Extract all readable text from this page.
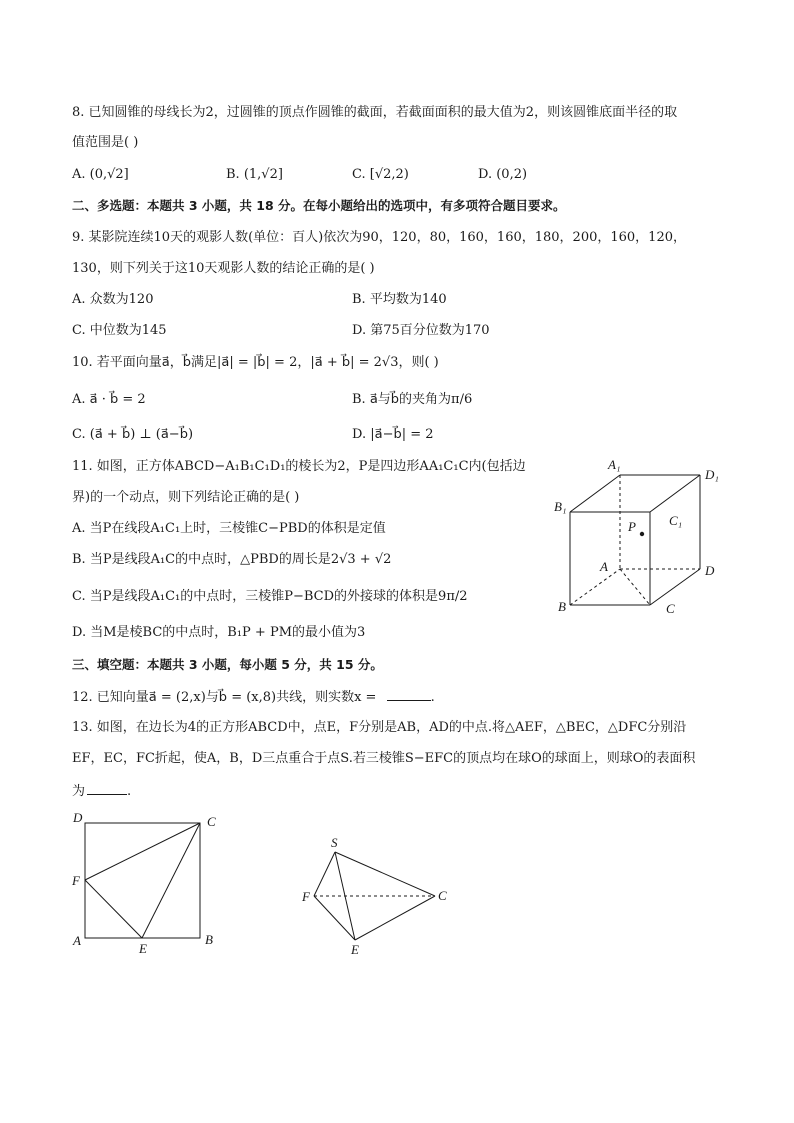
8. 已知圆锥的母线长为2，过圆锥的顶点作圆锥的截面，若截面面积的最大值为2，则该圆锥底面半径的取
值范围是( )
A. (0,√2]	B. (1,√2]	C. [√2,2)	D. (0,2)
二、多选题：本题共 3 小题，共 18 分。在每小题给出的选项中，有多项符合题目要求。
9. 某影院连续10天的观影人数(单位：百人)依次为90，120，80，160，160，180，200，160，120，
130，则下列关于这10天观影人数的结论正确的是( )
A. 众数为120	B. 平均数为140
C. 中位数为145	D. 第75百分位数为170
10. 若平面向量a⃗，b⃗满足|a⃗| = |b⃗| = 2，|a⃗ + b⃗| = 2√3，则( )
A. a⃗ · b⃗ = 2	B. a⃗与b⃗的夹角为π/6
C. (a⃗ + b⃗) ⊥ (a⃗−b⃗)	D. |a⃗−b⃗| = 2
11. 如图，正方体ABCD−A₁B₁C₁D₁的棱长为2，P是四边形AA₁C₁C内(包括边
界)的一个动点，则下列结论正确的是( )
A. 当P在线段A₁C₁上时，三棱锥C−PBD的体积是定值
B. 当P是线段A₁C的中点时，△PBD的周长是2√3 + √2
C. 当P是线段A₁C₁的中点时，三棱锥P−BCD的外接球的体积是9π/2
D. 当M是棱BC的中点时，B₁P + PM的最小值为3
A₁
D₁
B₁
C₁
P
A	D
B	C
三、填空题：本题共 3 小题，每小题 5 分，共 15 分。
12. 已知向量a⃗ = (2,x)与b⃗ = (x,8)共线，则实数x =	.
13. 如图，在边长为4的正方形ABCD中，点E，F分别是AB，AD的中点.将△AEF，△BEC，△DFC分别沿
EF，EC，FC折起，使A，B，D三点重合于点S.若三棱锥S−EFC的顶点均在球O的球面上，则球O的表面积
为	.
D	C
F
A
E
B
S
F	C
E
